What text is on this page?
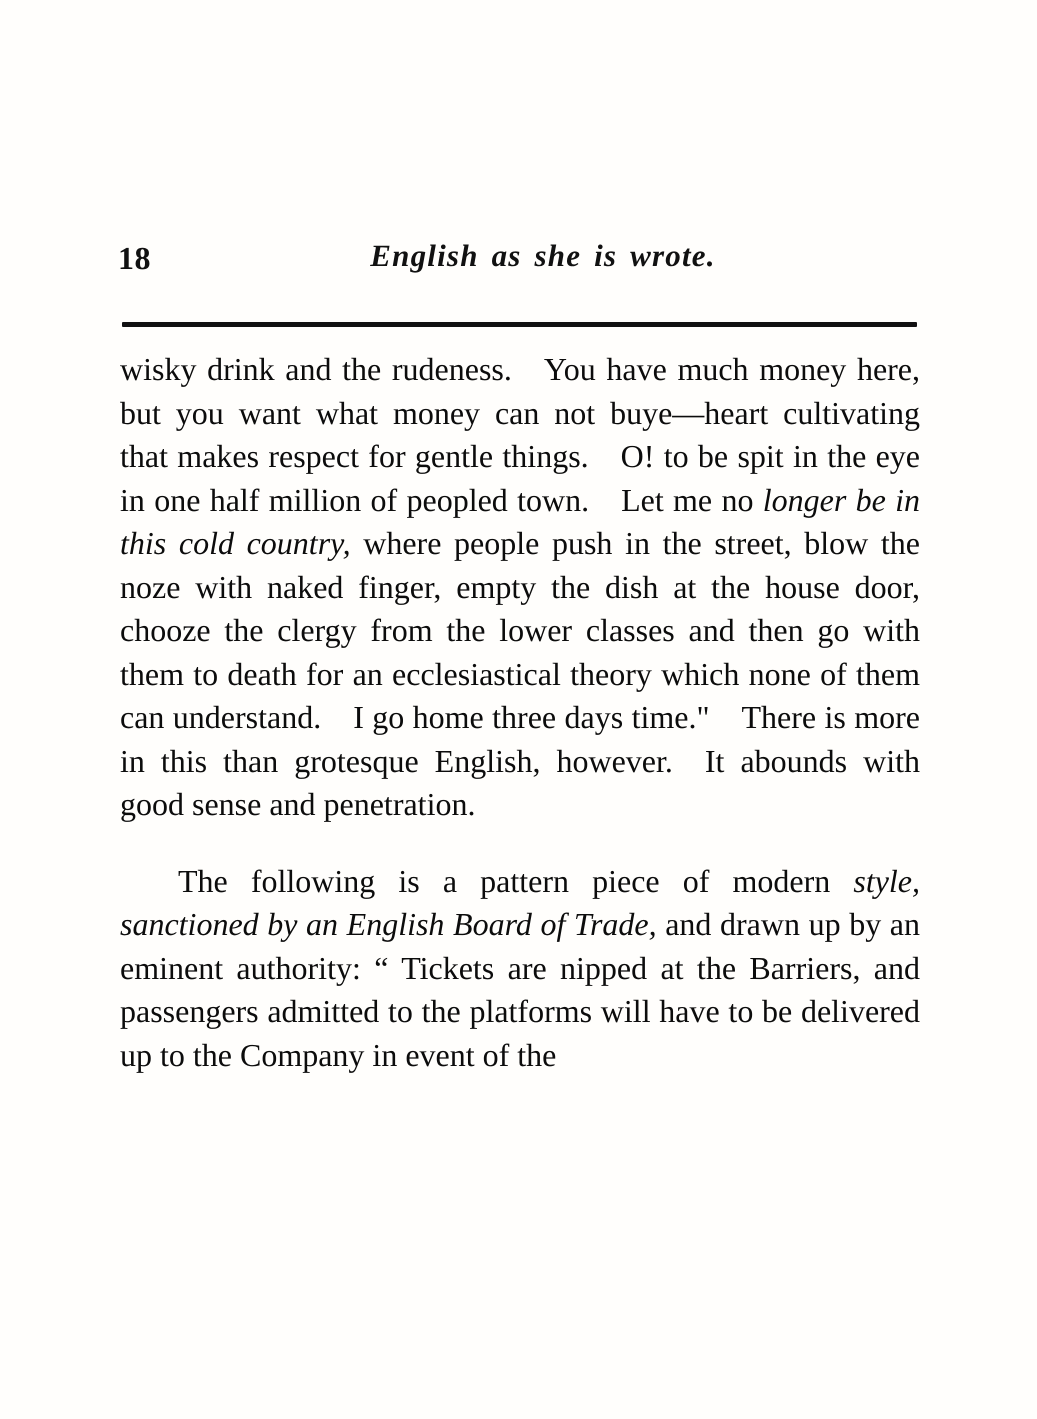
18	English as she is wrote.

wisky drink and the rudeness. You have much money here, but you want what money can not buye—heart cultivating that makes respect for gentle things. O! to be spit in the eye in one half million of peopled town. Let me no longer be in this cold country, where people push in the street, blow the noze with naked finger, empty the dish at the house door, chooze the clergy from the lower classes and then go with them to death for an ecclesiastical theory which none of them can understand. I go home three days time." There is more in this than grotesque English, however. It abounds with good sense and penetration.

The following is a pattern piece of modern style, sanctioned by an English Board of Trade, and drawn up by an eminent authority: “ Tickets are nipped at the Barriers, and passengers admitted to the platforms will have to be delivered up to the Company in event of the
